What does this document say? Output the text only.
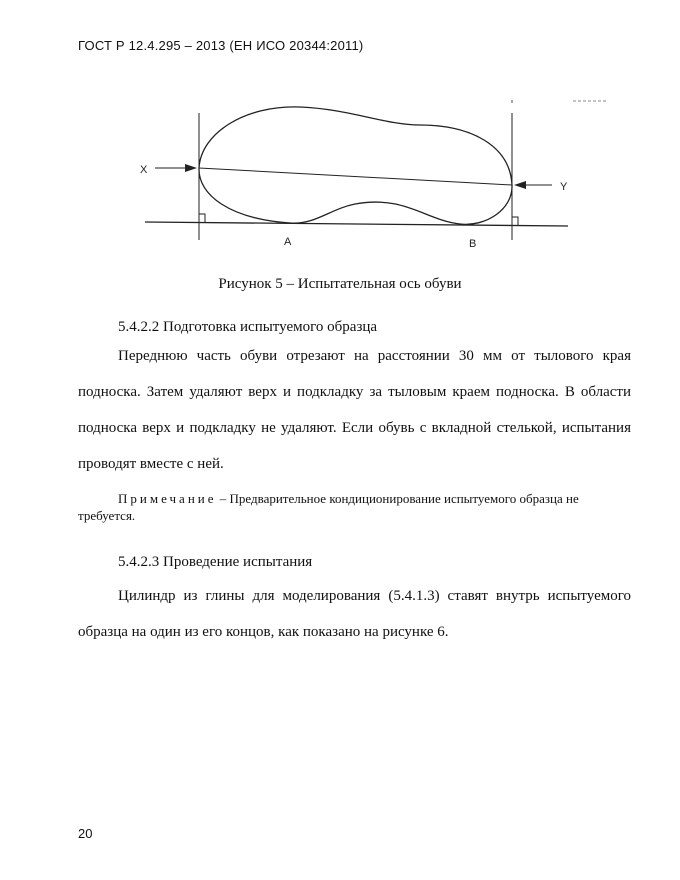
ГОСТ Р 12.4.295 – 2013 (ЕН ИСО 20344:2011)
X
Y
A	B
Рисунок 5 – Испытательная ось обуви
5.4.2.2 Подготовка испытуемого образца
Переднюю часть обуви отрезают на расстоянии 30 мм от тылового края подноска. Затем удаляют верх и подкладку за тыловым краем подноска. В области подноска верх и подкладку не удаляют. Если обувь с вкладной стелькой, испытания проводят вместе с ней.
Примечание – Предварительное кондиционирование испытуемого образца не требуется.
5.4.2.3 Проведение испытания
Цилиндр из глины для моделирования (5.4.1.3) ставят внутрь испытуемого образца на один из его концов, как показано на рисунке 6.
20
